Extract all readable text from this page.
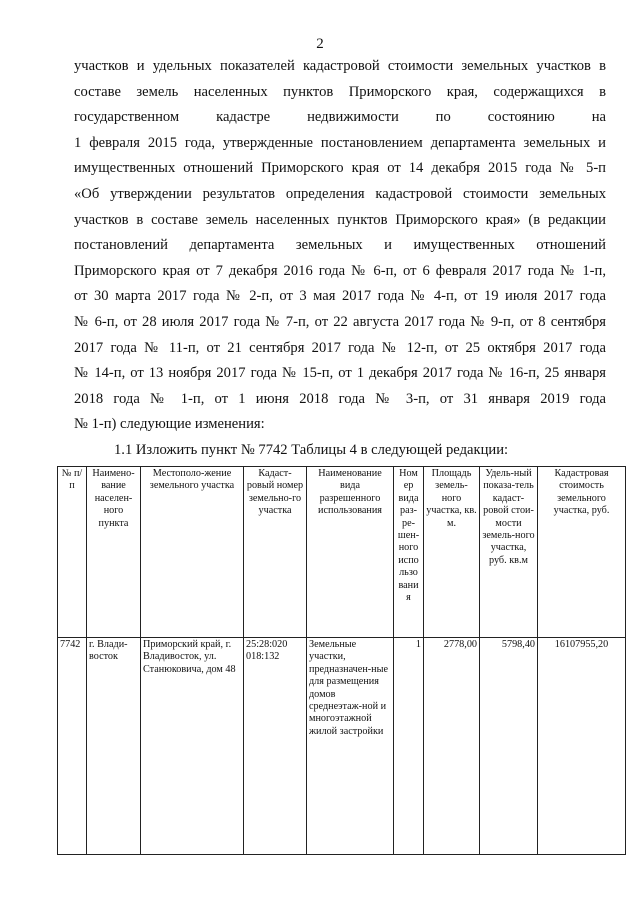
2
участков и удельных показателей кадастровой стоимости земельных участков в
составе земель населенных пунктов Приморского края, содержащихся в
государственном кадастре недвижимости по состоянию на
1 февраля 2015 года, утвержденные постановлением департамента земельных и
имущественных отношений Приморского края от 14 декабря 2015 года № 5-п
«Об утверждении результатов определения кадастровой стоимости земельных
участков в составе земель населенных пунктов Приморского края» (в редакции
постановлений департамента земельных и имущественных отношений
Приморского края от 7 декабря 2016 года № 6-п, от 6 февраля 2017 года № 1-п,
от 30 марта 2017 года № 2-п, от 3 мая 2017 года № 4-п, от 19 июля 2017 года
№ 6-п, от 28 июля 2017 года № 7-п, от 22 августа 2017 года № 9-п, от 8 сентября
2017 года № 11-п, от 21 сентября 2017 года № 12-п, от 25 октября 2017 года
№ 14-п, от 13 ноября 2017 года № 15-п, от 1 декабря 2017 года № 16-п, 25 января
2018 года № 1-п, от 1 июня 2018 года № 3-п, от 31 января 2019 года
№ 1-п) следующие изменения:
1.1 Изложить пункт № 7742 Таблицы 4 в следующей редакции:
№ п/п	Наимено-вание населен-ного пункта	Местополо-жение земельного участка	Кадаст-ровый номер земельно-го участка	Наименование вида разрешенного использования	Ном ер вида раз-ре-шен-ного испо льзо вани я	Площадь земель-ного участка, кв. м.	Удель-ный показа-тель кадаст-ровой стои-мости земель-ного участка, руб. кв.м	Кадастровая стоимость земельного участка, руб.
7742	г. Влади-восток	Приморский край, г. Владивосток, ул. Станюковича, дом 48	25:28:020 018:132	Земельные участки, предназначен-ные для размещения домов среднеэтаж-ной и многоэтажной жилой застройки	1	2778,00	5798,40	16107955,20
